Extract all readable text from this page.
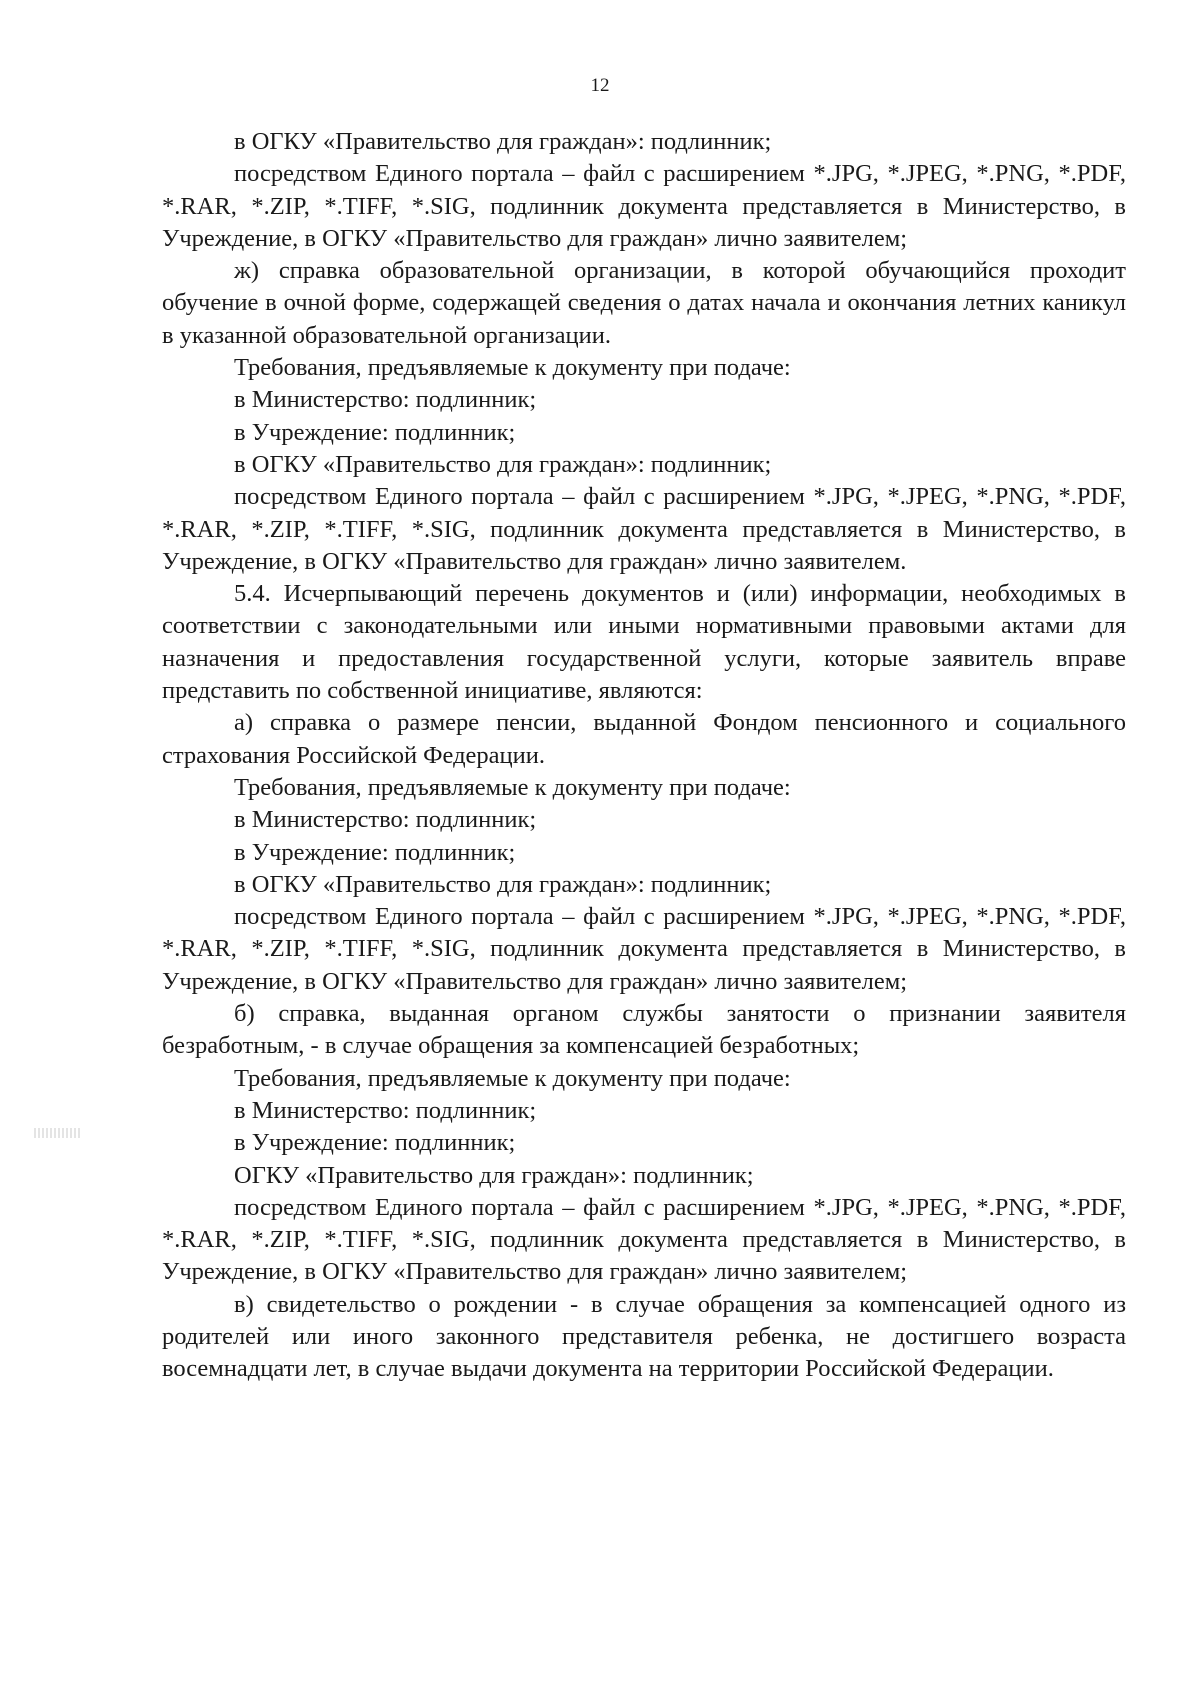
12

в ОГКУ «Правительство для граждан»: подлинник;

посредством Единого портала – файл с расширением *.JPG, *.JPEG, *.PNG, *.PDF, *.RAR, *.ZIP, *.TIFF, *.SIG, подлинник документа представляется в Министерство, в Учреждение, в ОГКУ «Правительство для граждан» лично заявителем;

ж) справка образовательной организации, в которой обучающийся проходит обучение в очной форме, содержащей сведения о датах начала и окончания летних каникул в указанной образовательной организации.

Требования, предъявляемые к документу при подаче:

в Министерство: подлинник;

в Учреждение: подлинник;

в ОГКУ «Правительство для граждан»: подлинник;

посредством Единого портала – файл с расширением *.JPG, *.JPEG, *.PNG, *.PDF, *.RAR, *.ZIP, *.TIFF, *.SIG, подлинник документа представляется в Министерство, в Учреждение, в ОГКУ «Правительство для граждан» лично заявителем.

5.4. Исчерпывающий перечень документов и (или) информации, необходимых в соответствии с законодательными или иными нормативными правовыми актами для назначения и предоставления государственной услуги, которые заявитель вправе представить по собственной инициативе, являются:

а) справка о размере пенсии, выданной Фондом пенсионного и социального страхования Российской Федерации.

Требования, предъявляемые к документу при подаче:

в Министерство: подлинник;

в Учреждение: подлинник;

в ОГКУ «Правительство для граждан»: подлинник;

посредством Единого портала – файл с расширением *.JPG, *.JPEG, *.PNG, *.PDF, *.RAR, *.ZIP, *.TIFF, *.SIG, подлинник документа представляется в Министерство, в Учреждение, в ОГКУ «Правительство для граждан» лично заявителем;

б) справка, выданная органом службы занятости о признании заявителя безработным, - в случае обращения за компенсацией безработных;

Требования, предъявляемые к документу при подаче:

в Министерство: подлинник;

в Учреждение: подлинник;

ОГКУ «Правительство для граждан»: подлинник;

посредством Единого портала – файл с расширением *.JPG, *.JPEG, *.PNG, *.PDF, *.RAR, *.ZIP, *.TIFF, *.SIG, подлинник документа представляется в Министерство, в Учреждение, в ОГКУ «Правительство для граждан» лично заявителем;

в) свидетельство о рождении - в случае обращения за компенсацией одного из родителей или иного законного представителя ребенка, не достигшего возраста восемнадцати лет, в случае выдачи документа на территории Российской Федерации.
